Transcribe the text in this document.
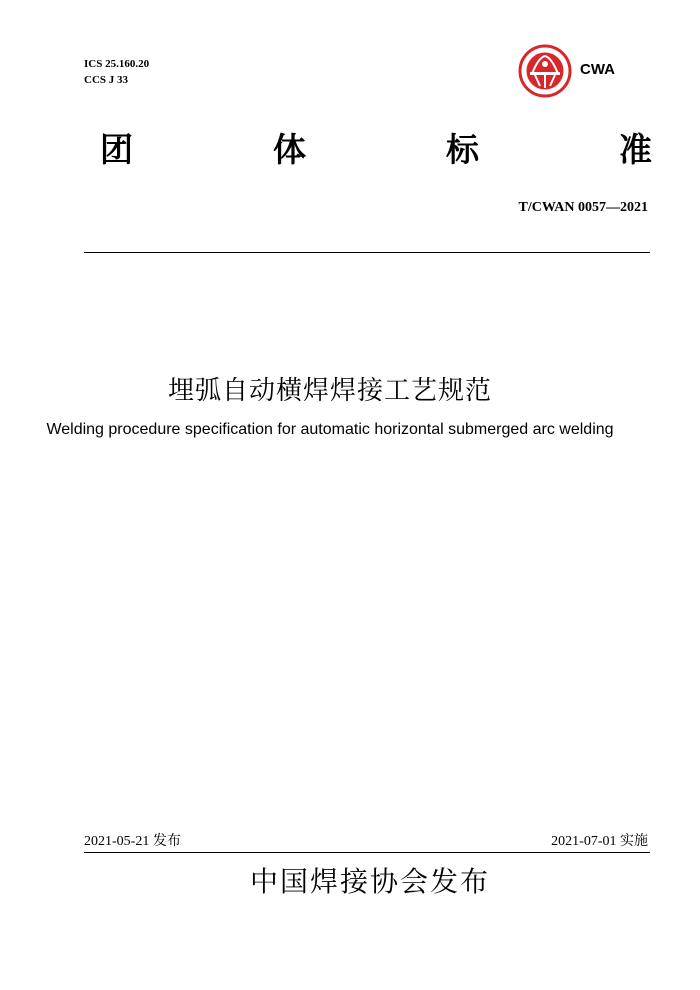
ICS 25.160.20
CCS J 33
CWA
团	体	标	准
T/CWAN 0057—2021
埋弧自动横焊焊接工艺规范
Welding procedure specification for automatic horizontal submerged arc welding
2021-05-21 发布	2021-07-01 实施
中国焊接协会发布
